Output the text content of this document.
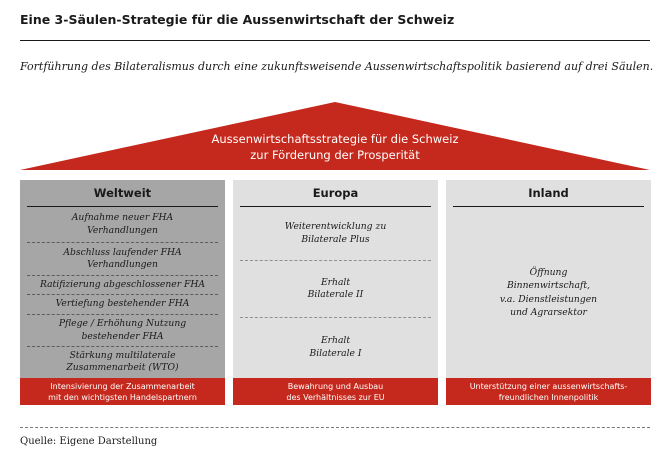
Eine 3-Säulen-Strategie für die Aussenwirtschaft der Schweiz
Fortführung des Bilateralismus durch eine zukunftsweisende Aussenwirtschaftspolitik basierend auf drei Säulen.
Aussenwirtschaftsstrategie für die Schweiz
zur Förderung der Prosperität
Weltweit
Aufnahme neuer FHA
Verhandlungen
Abschluss laufender FHA
Verhandlungen
Ratifizierung abgeschlossener FHA
Vertiefung bestehender FHA
Pflege / Erhöhung Nutzung
bestehender FHA
Stärkung multilaterale
Zusammenarbeit (WTO)
Europa
Weiterentwicklung zu
Bilaterale Plus
Erhalt
Bilaterale II
Erhalt
Bilaterale I
Inland
Öffnung
Binnenwirtschaft,
v.a. Dienstleistungen
und Agrarsektor
Intensivierung der Zusammenarbeit
mit den wichtigsten Handelspartnern
Bewahrung und Ausbau
des Verhältnisses zur EU
Unterstützung einer aussenwirtschafts-
freundlichen Innenpolitik
Quelle: Eigene Darstellung
